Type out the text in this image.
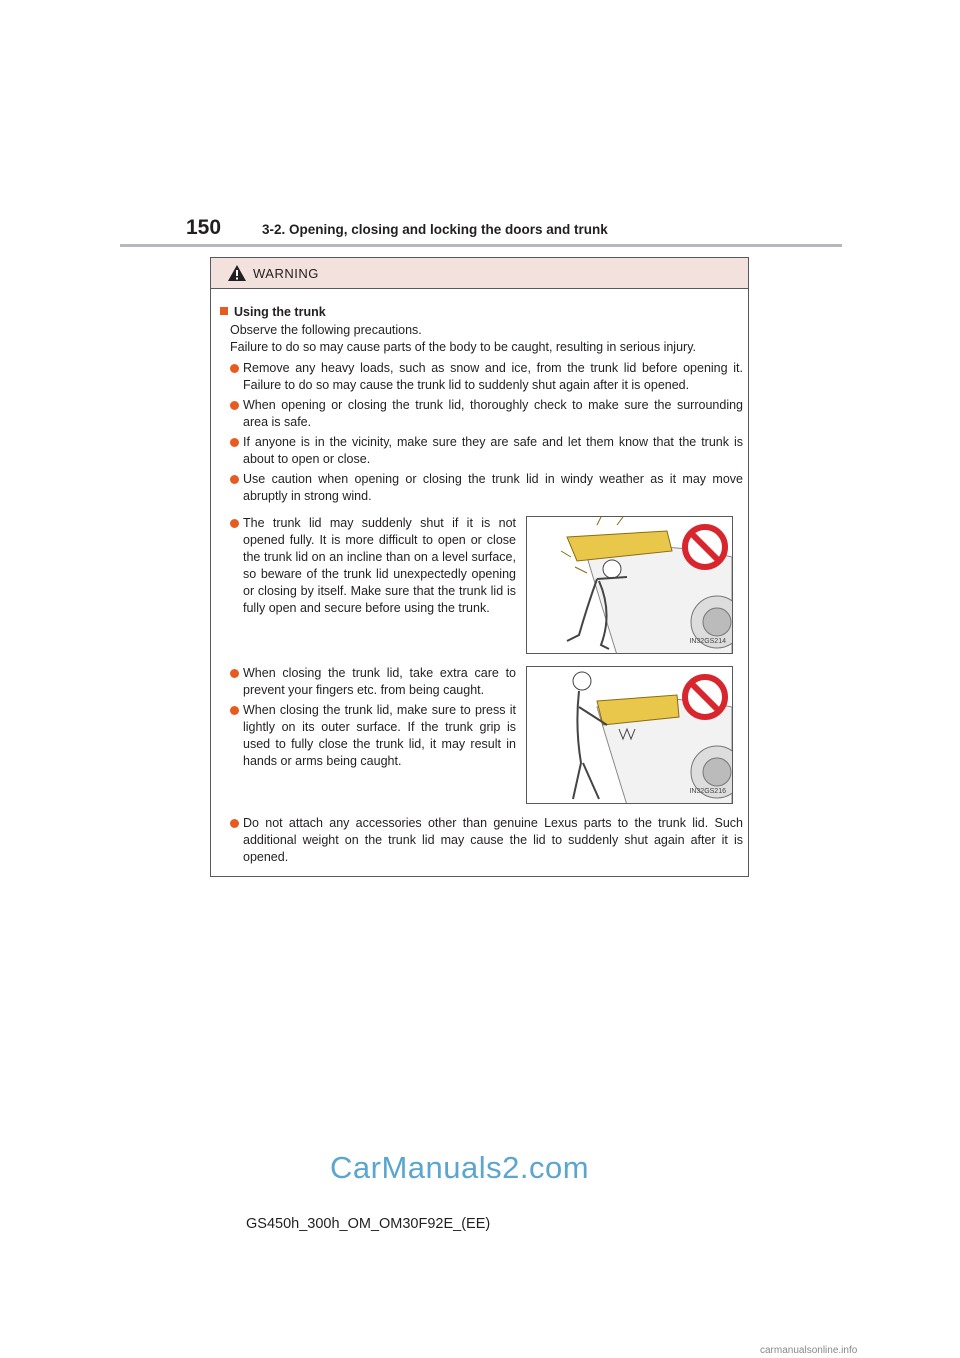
150	3-2. Opening, closing and locking the doors and trunk
WARNING
Using the trunk
Observe the following precautions.
Failure to do so may cause parts of the body to be caught, resulting in serious injury.
Remove any heavy loads, such as snow and ice, from the trunk lid before opening it. Failure to do so may cause the trunk lid to suddenly shut again after it is opened.
When opening or closing the trunk lid, thoroughly check to make sure the surrounding area is safe.
If anyone is in the vicinity, make sure they are safe and let them know that the trunk is about to open or close.
Use caution when opening or closing the trunk lid in windy weather as it may move abruptly in strong wind.
The trunk lid may suddenly shut if it is not opened fully. It is more difficult to open or close the trunk lid on an incline than on a level surface, so beware of the trunk lid unexpectedly opening or closing by itself. Make sure that the trunk lid is fully open and secure before using the trunk.
IN32GS214
When closing the trunk lid, take extra care to prevent your fingers etc. from being caught.
When closing the trunk lid, make sure to press it lightly on its outer surface. If the trunk grip is used to fully close the trunk lid, it may result in hands or arms being caught.
IN32GS216
Do not attach any accessories other than genuine Lexus parts to the trunk lid. Such additional weight on the trunk lid may cause the lid to suddenly shut again after it is opened.
GS450h_300h_OM_OM30F92E_(EE)
CarManuals2.com
carmanualsonline.info
